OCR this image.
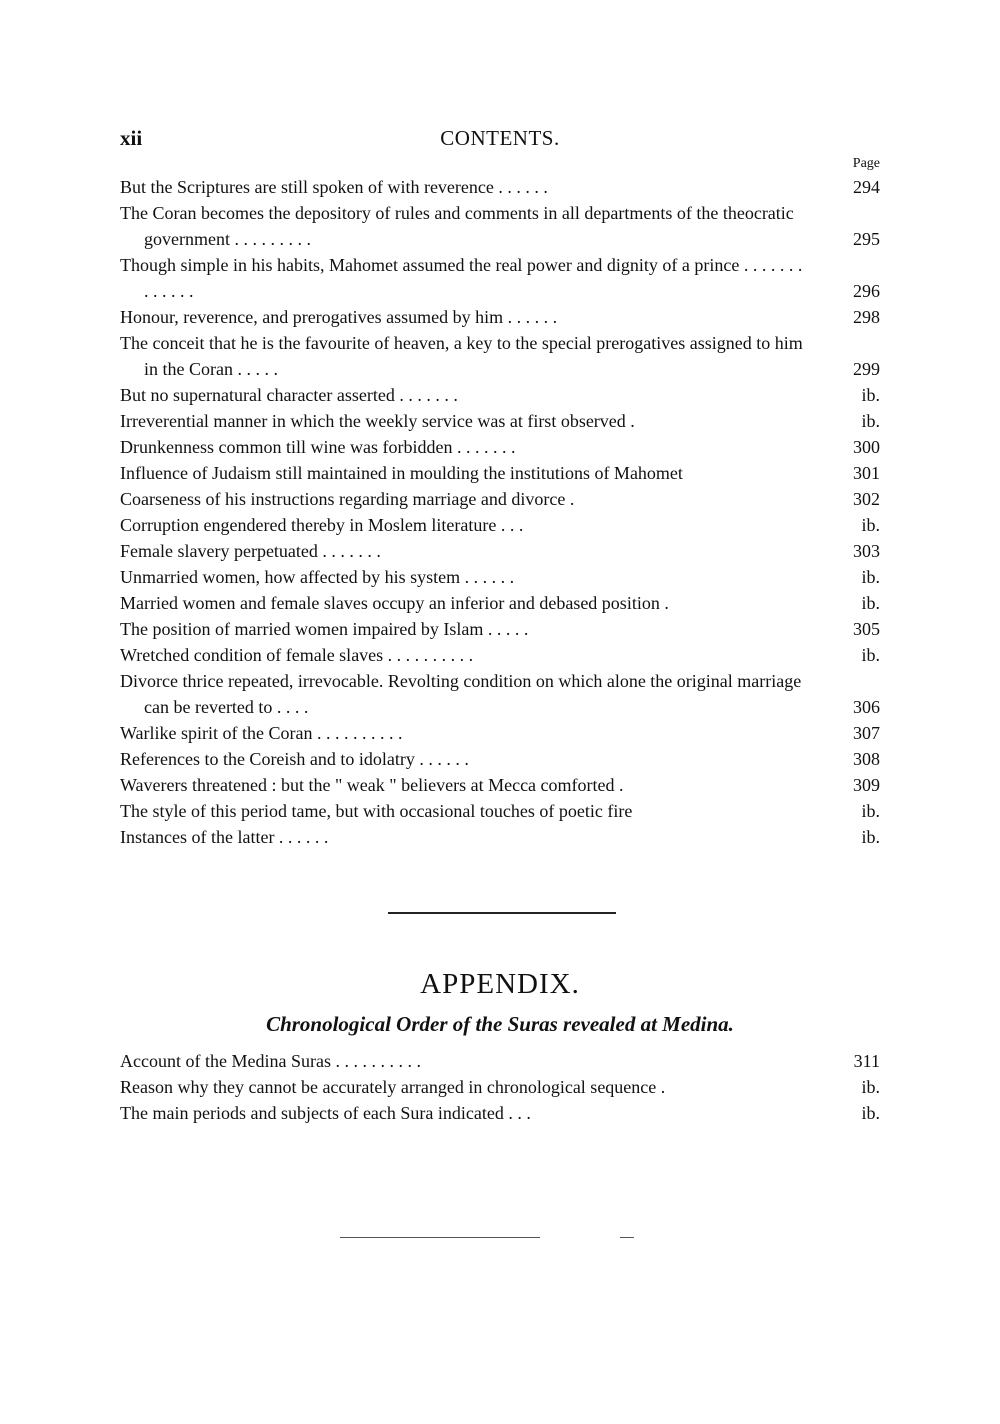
xii	CONTENTS.
Page
But the Scriptures are still spoken of with reverence . . . . . .	294
The Coran becomes the depository of rules and comments in all departments of the theocratic government . . . . . . . . .	295
Though simple in his habits, Mahomet assumed the real power and dignity of a prince . . . . . . . . . . . . .	296
Honour, reverence, and prerogatives assumed by him . . . . . .	298
The conceit that he is the favourite of heaven, a key to the special prerogatives assigned to him in the Coran . . . . .	299
But no supernatural character asserted . . . . . . .	ib.
Irreverential manner in which the weekly service was at first observed .	ib.
Drunkenness common till wine was forbidden . . . . . . .	300
Influence of Judaism still maintained in moulding the institutions of Mahomet	301
Coarseness of his instructions regarding marriage and divorce .	302
Corruption engendered thereby in Moslem literature . . .	ib.
Female slavery perpetuated . . . . . . .	303
Unmarried women, how affected by his system . . . . . .	ib.
Married women and female slaves occupy an inferior and debased position .	ib.
The position of married women impaired by Islam . . . . .	305
Wretched condition of female slaves . . . . . . . . . .	ib.
Divorce thrice repeated, irrevocable. Revolting condition on which alone the original marriage can be reverted to . . . .	306
Warlike spirit of the Coran . . . . . . . . . .	307
References to the Coreish and to idolatry . . . . . .	308
Waverers threatened : but the " weak " believers at Mecca comforted .	309
The style of this period tame, but with occasional touches of poetic fire	ib.
Instances of the latter . . . . . .	ib.
APPENDIX.
Chronological Order of the Suras revealed at Medina.
Account of the Medina Suras . . . . . . . . . .	311
Reason why they cannot be accurately arranged in chronological sequence .	ib.
The main periods and subjects of each Sura indicated . . .	ib.
